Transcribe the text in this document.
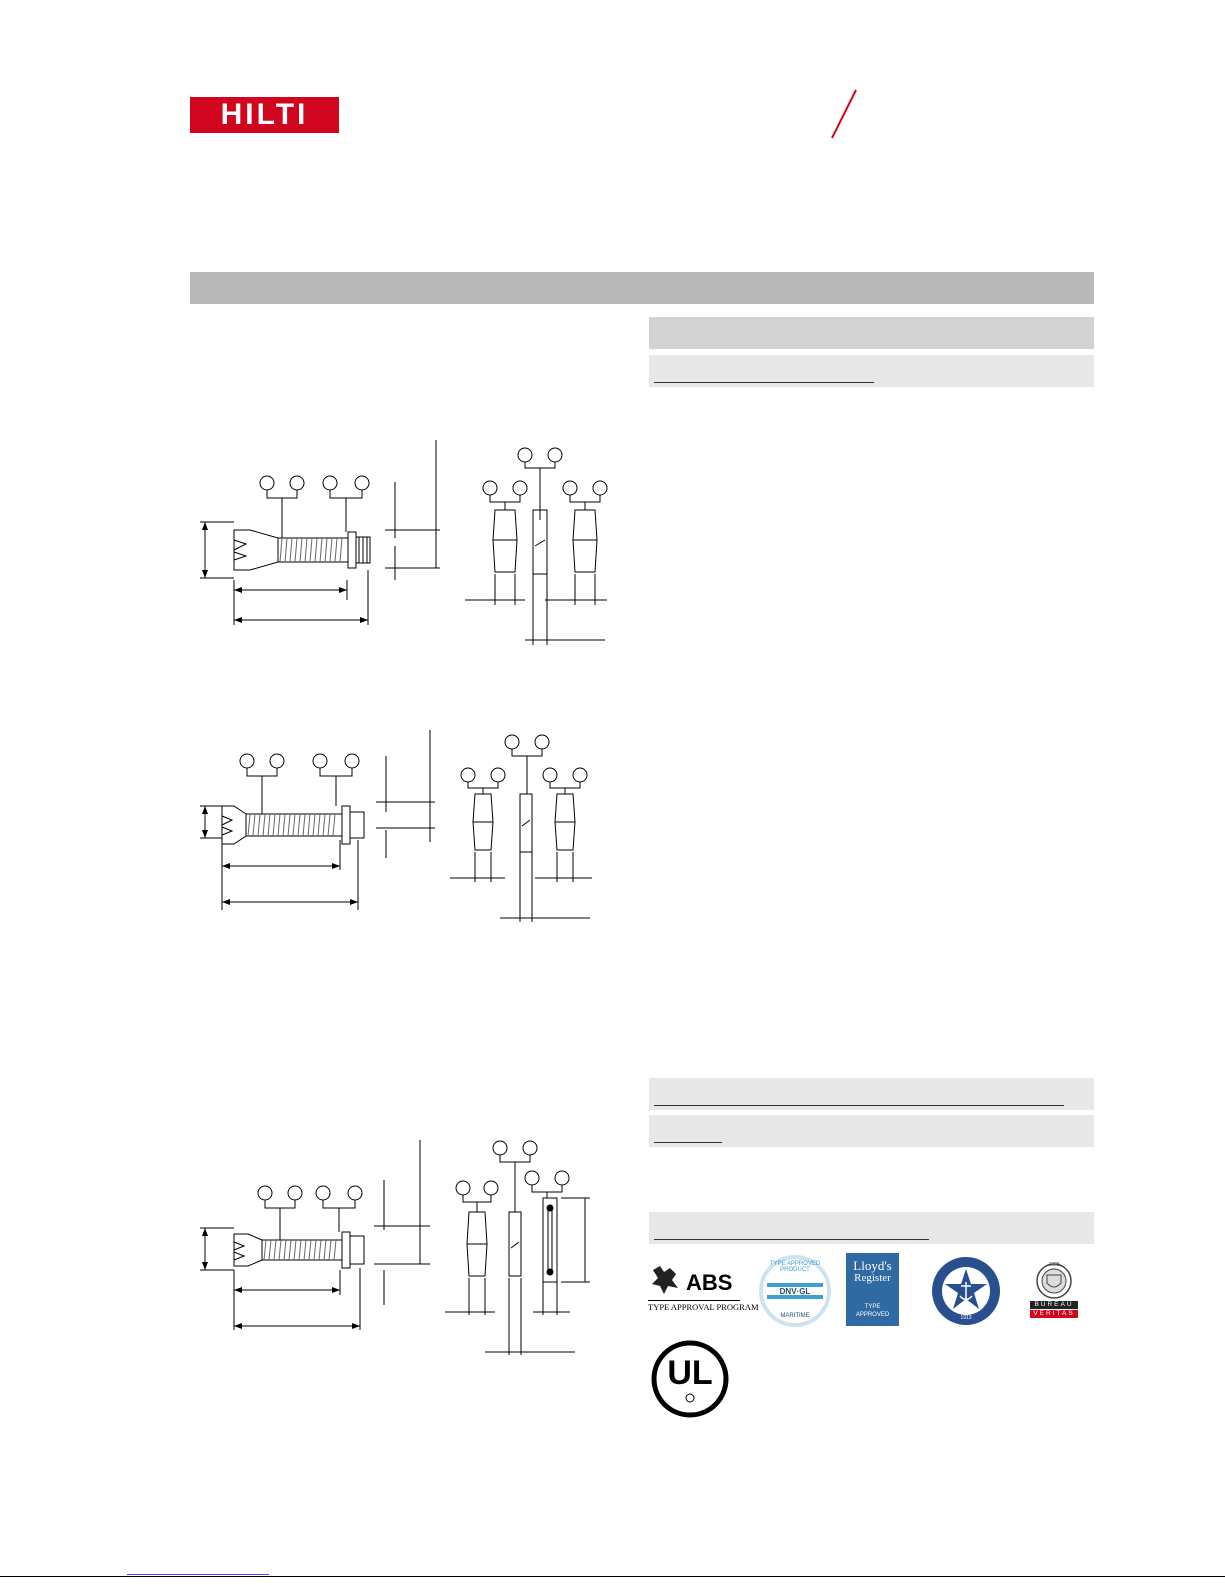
HILTI
ABS
TYPE APPROVAL PROGRAM
TYPE APPROVED PRODUCT
DNV·GL
MARITIME
Lloyd's
Register
TYPE
APPROVED	1913
1828
BUREAU
VERITAS
UL
